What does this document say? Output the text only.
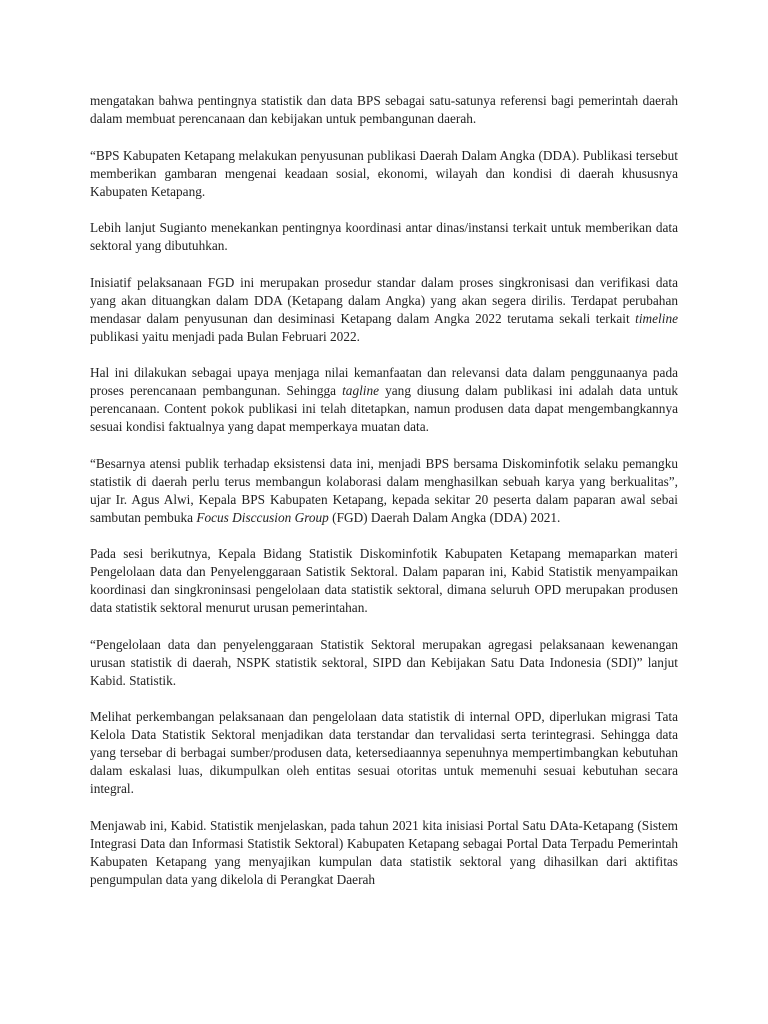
mengatakan bahwa pentingnya statistik dan data BPS sebagai satu-satunya referensi bagi pemerintah daerah dalam membuat perencanaan dan kebijakan untuk pembangunan daerah.

“BPS Kabupaten Ketapang melakukan penyusunan publikasi Daerah Dalam Angka (DDA). Publikasi tersebut memberikan gambaran mengenai keadaan sosial, ekonomi, wilayah dan kondisi di daerah khususnya Kabupaten Ketapang.

Lebih lanjut Sugianto menekankan pentingnya koordinasi antar dinas/instansi terkait untuk memberikan data sektoral yang dibutuhkan.

Inisiatif pelaksanaan FGD ini merupakan prosedur standar dalam proses singkronisasi dan verifikasi data yang akan dituangkan dalam DDA (Ketapang dalam Angka) yang akan segera dirilis. Terdapat perubahan mendasar dalam penyusunan dan desiminasi Ketapang dalam Angka 2022 terutama sekali terkait timeline publikasi yaitu menjadi pada Bulan Februari 2022.

Hal ini dilakukan sebagai upaya menjaga nilai kemanfaatan dan relevansi data dalam penggunaanya pada proses perencanaan pembangunan. Sehingga tagline yang diusung dalam publikasi ini adalah data untuk perencanaan. Content pokok publikasi ini telah ditetapkan, namun produsen data dapat mengembangkannya sesuai kondisi faktualnya yang dapat memperkaya muatan data.

“Besarnya atensi publik terhadap eksistensi data ini, menjadi BPS bersama Diskominfotik selaku pemangku statistik di daerah perlu terus membangun kolaborasi dalam menghasilkan sebuah karya yang berkualitas”, ujar Ir. Agus Alwi, Kepala BPS Kabupaten Ketapang, kepada sekitar 20 peserta dalam paparan awal sebai sambutan pembuka Focus Disccusion Group (FGD) Daerah Dalam Angka (DDA) 2021.

Pada sesi berikutnya, Kepala Bidang Statistik Diskominfotik Kabupaten Ketapang memaparkan materi Pengelolaan data dan Penyelenggaraan Satistik Sektoral. Dalam paparan ini, Kabid Statistik menyampaikan koordinasi dan singkroninsasi pengelolaan data statistik sektoral, dimana seluruh OPD merupakan produsen data statistik sektoral menurut urusan pemerintahan.

“Pengelolaan data dan penyelenggaraan Statistik Sektoral merupakan agregasi pelaksanaan kewenangan urusan statistik di daerah, NSPK statistik sektoral, SIPD dan Kebijakan Satu Data Indonesia (SDI)” lanjut Kabid. Statistik.

Melihat perkembangan pelaksanaan dan pengelolaan data statistik di internal OPD, diperlukan migrasi Tata Kelola Data Statistik Sektoral menjadikan data terstandar dan tervalidasi serta terintegrasi. Sehingga data yang tersebar di berbagai sumber/produsen data, ketersediaannya sepenuhnya mempertimbangkan kebutuhan dalam eskalasi luas, dikumpulkan oleh entitas sesuai otoritas untuk memenuhi sesuai kebutuhan secara integral.

Menjawab ini, Kabid. Statistik menjelaskan, pada tahun 2021 kita inisiasi Portal Satu DAta-Ketapang (Sistem Integrasi Data dan Informasi Statistik Sektoral) Kabupaten Ketapang sebagai Portal Data Terpadu Pemerintah Kabupaten Ketapang yang menyajikan kumpulan data statistik sektoral yang dihasilkan dari aktifitas pengumpulan data yang dikelola di Perangkat Daerah
